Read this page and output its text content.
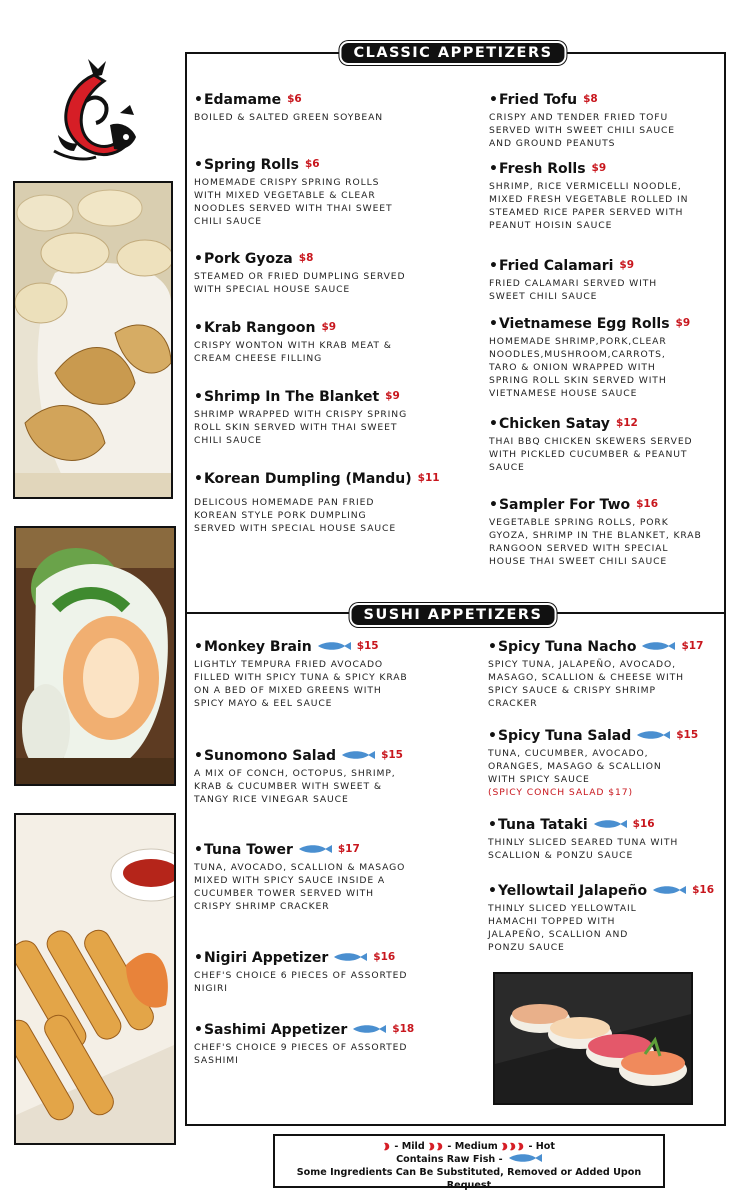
CLASSIC APPETIZERS
SUSHI APPETIZERS
•Edamame $^{\$6}$
BOILED & SALTED GREEN SOYBEAN
•Spring Rolls $^{\$6}$
HOMEMADE CRISPY SPRING ROLLS WITH MIXED VEGETABLE & CLEAR NOODLES SERVED WITH THAI SWEET CHILI SAUCE
•Pork Gyoza $^{\$8}$
STEAMED OR FRIED DUMPLING SERVED WITH SPECIAL HOUSE SAUCE
•Krab Rangoon $^{\$9}$
CRISPY WONTON WITH KRAB MEAT & CREAM CHEESE FILLING
•Shrimp In The Blanket $^{\$9}$
SHRIMP WRAPPED WITH CRISPY SPRING ROLL SKIN SERVED WITH THAI SWEET CHILI SAUCE
•Korean Dumpling (Mandu) $^{\$11}$
DELICOUS HOMEMADE PAN FRIED KOREAN STYLE PORK DUMPLING SERVED WITH SPECIAL HOUSE SAUCE
•Fried Tofu $^{\$8}$
CRISPY AND TENDER FRIED TOFU SERVED WITH SWEET CHILI SAUCE AND GROUND PEANUTS
•Fresh Rolls $^{\$9}$
SHRIMP, RICE VERMICELLI NOODLE, MIXED FRESH VEGETABLE ROLLED IN STEAMED RICE PAPER SERVED WITH PEANUT HOISIN SAUCE
•Fried Calamari $^{\$9}$
FRIED CALAMARI SERVED WITH SWEET CHILI SAUCE
•Vietnamese Egg Rolls $^{\$9}$
HOMEMADE SHRIMP,PORK,CLEAR NOODLES,MUSHROOM,CARROTS, TARO & ONION WRAPPED WITH SPRING ROLL SKIN SERVED WITH VIETNAMESE HOUSE SAUCE
•Chicken Satay $^{\$12}$
THAI BBQ CHICKEN SKEWERS SERVED WITH PICKLED CUCUMBER & PEANUT SAUCE
•Sampler For Two $^{\$16}$
VEGETABLE SPRING ROLLS, PORK GYOZA, SHRIMP IN THE BLANKET, KRAB RANGOON SERVED WITH SPECIAL HOUSE THAI SWEET CHILI SAUCE
•Monkey Brain	$^{\$15}$
LIGHTLY TEMPURA FRIED AVOCADO FILLED WITH SPICY TUNA & SPICY KRAB ON A BED OF MIXED GREENS WITH SPICY MAYO & EEL SAUCE
•Sunomono Salad	$^{\$15}$
A MIX OF CONCH, OCTOPUS, SHRIMP, KRAB & CUCUMBER WITH SWEET & TANGY RICE VINEGAR SAUCE
•Tuna Tower	$^{\$17}$
TUNA, AVOCADO, SCALLION & MASAGO MIXED WITH SPICY SAUCE INSIDE A CUCUMBER TOWER SERVED WITH CRISPY SHRIMP CRACKER
•Nigiri Appetizer	$^{\$16}$
CHEF'S CHOICE 6 PIECES OF ASSORTED NIGIRI
•Sashimi Appetizer	$^{\$18}$
CHEF'S CHOICE 9 PIECES OF ASSORTED SASHIMI
•Spicy Tuna Nacho	$^{\$17}$
SPICY TUNA, JALAPEÑO, AVOCADO, MASAGO, SCALLION & CHEESE WITH SPICY SAUCE & CRISPY SHRIMP CRACKER
•Spicy Tuna Salad	$^{\$15}$
TUNA, CUCUMBER, AVOCADO, ORANGES, MASAGO & SCALLION WITH SPICY SAUCE
(SPICY CONCH SALAD $17)
•Tuna Tataki	$^{\$16}$
THINLY SLICED SEARED TUNA WITH SCALLION & PONZU SAUCE
•Yellowtail Jalapeño	$^{\$16}$
THINLY SLICED YELLOWTAIL HAMACHI TOPPED WITH JALAPEÑO, SCALLION AND PONZU SAUCE
- Mild - Medium	- Hot
Contains Raw Fish -
Some Ingredients Can Be Substituted, Removed or Added Upon Request
